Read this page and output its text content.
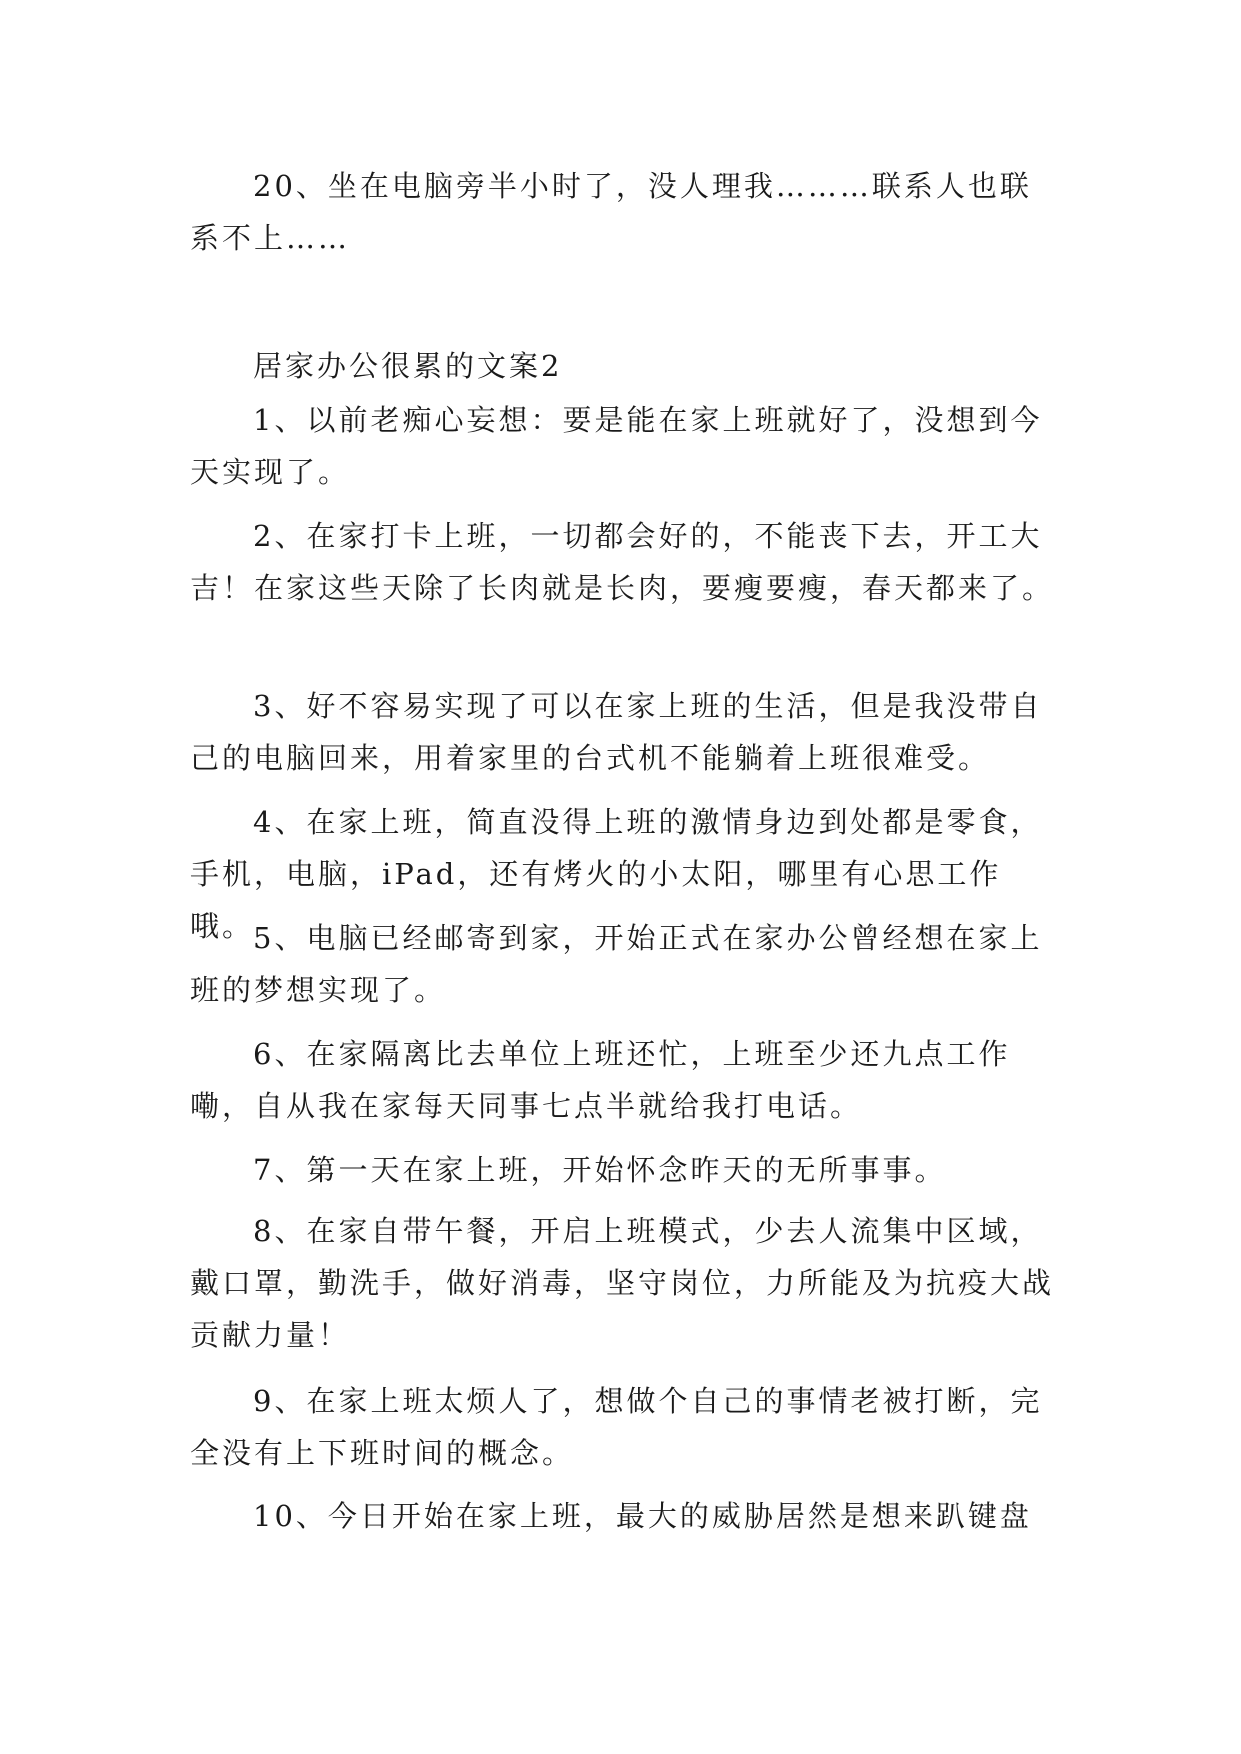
20、坐在电脑旁半小时了，没人理我………联系人也联系不上……

居家办公很累的文案2

1、以前老痴心妄想：要是能在家上班就好了，没想到今天实现了。

2、在家打卡上班，一切都会好的，不能丧下去，开工大吉！在家这些天除了长肉就是长肉，要瘦要瘦，春天都来了。

3、好不容易实现了可以在家上班的生活，但是我没带自己的电脑回来，用着家里的台式机不能躺着上班很难受。

4、在家上班，简直没得上班的激情身边到处都是零食，手机，电脑，iPad，还有烤火的小太阳，哪里有心思工作哦。

5、电脑已经邮寄到家，开始正式在家办公曾经想在家上班的梦想实现了。

6、在家隔离比去单位上班还忙，上班至少还九点工作嘞，自从我在家每天同事七点半就给我打电话。

7、第一天在家上班，开始怀念昨天的无所事事。

8、在家自带午餐，开启上班模式，少去人流集中区域，戴口罩，勤洗手，做好消毒，坚守岗位，力所能及为抗疫大战贡献力量！

9、在家上班太烦人了，想做个自己的事情老被打断，完全没有上下班时间的概念。

10、今日开始在家上班，最大的威胁居然是想来趴键盘
